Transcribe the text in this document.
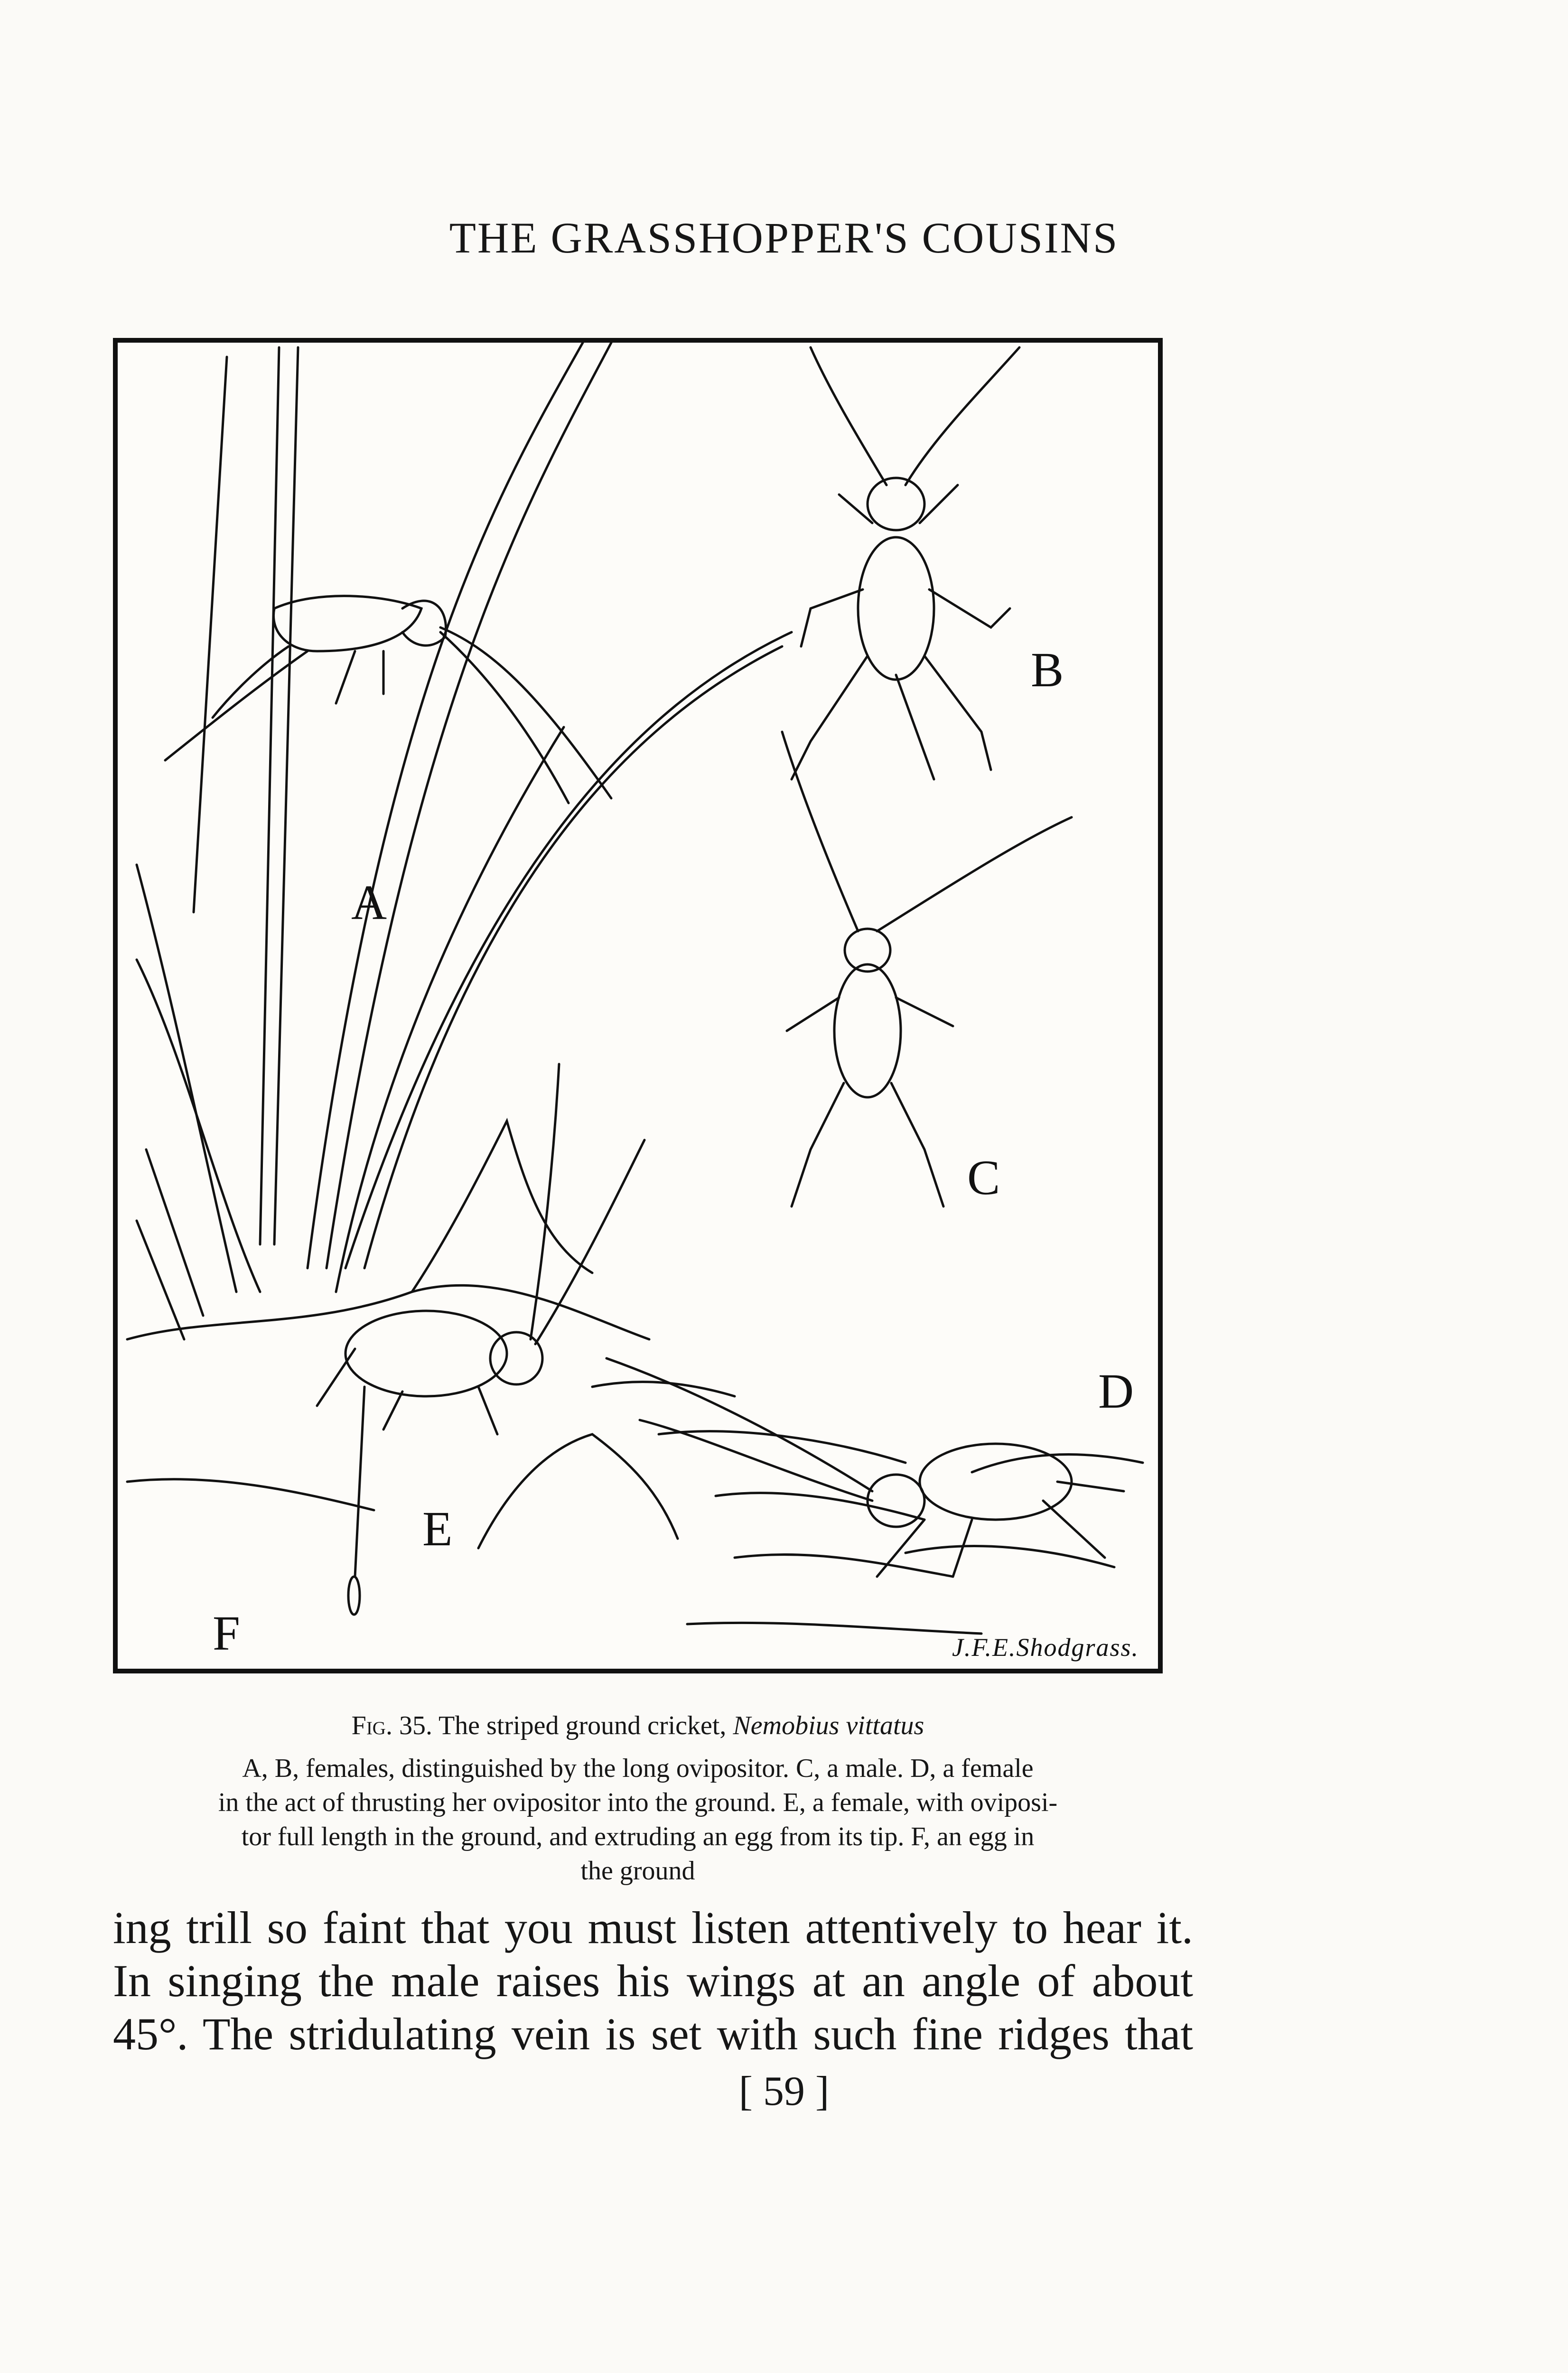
THE GRASSHOPPER'S COUSINS
A
B
C
D
E
F	J.F.E.Shodgrass.
Fig. 35. The striped ground cricket, Nemobius vittatus
A, B, females, distinguished by the long ovipositor. C, a male. D, a female
in the act of thrusting her ovipositor into the ground. E, a female, with oviposi-
tor full length in the ground, and extruding an egg from its tip. F, an egg in
the ground
ing trill so faint that you must listen attentively to hear it.
In singing the male raises his wings at an angle of about
45°. The stridulating vein is set with such fine ridges that
[ 59 ]
